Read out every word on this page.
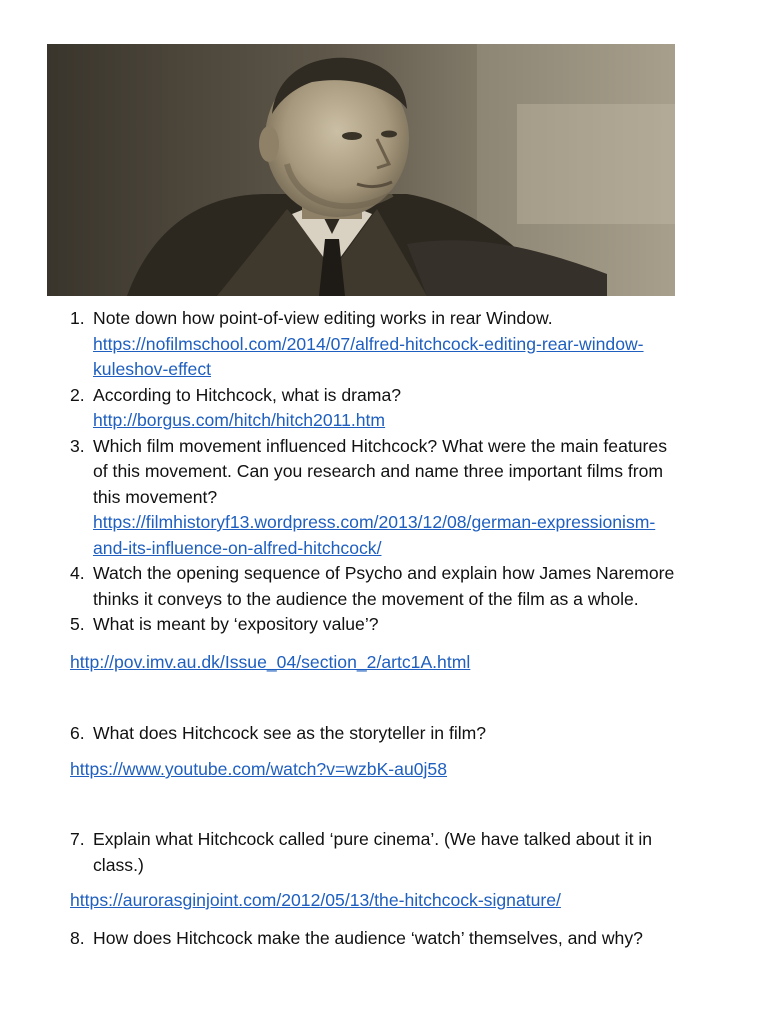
1. Note down how point-of-view editing works in rear Window.
https://nofilmschool.com/2014/07/alfred-hitchcock-editing-rear-window-
kuleshov-effect
2. According to Hitchcock, what is drama?
http://borgus.com/hitch/hitch2011.htm
3. Which film movement influenced Hitchcock? What were the main features
of this movement. Can you research and name three important films from
this movement?
https://filmhistoryf13.wordpress.com/2013/12/08/german-expressionism-
and-its-influence-on-alfred-hitchcock/
4. Watch the opening sequence of Psycho and explain how James Naremore
thinks it conveys to the audience the movement of the film as a whole.
5. What is meant by ‘expository value’?
http://pov.imv.au.dk/Issue_04/section_2/artc1A.html
6. What does Hitchcock see as the storyteller in film?
https://www.youtube.com/watch?v=wzbK-au0j58
7. Explain what Hitchcock called ‘pure cinema’. (We have talked about it in
class.)
https://aurorasginjoint.com/2012/05/13/the-hitchcock-signature/
8. How does Hitchcock make the audience ‘watch’ themselves, and why?
